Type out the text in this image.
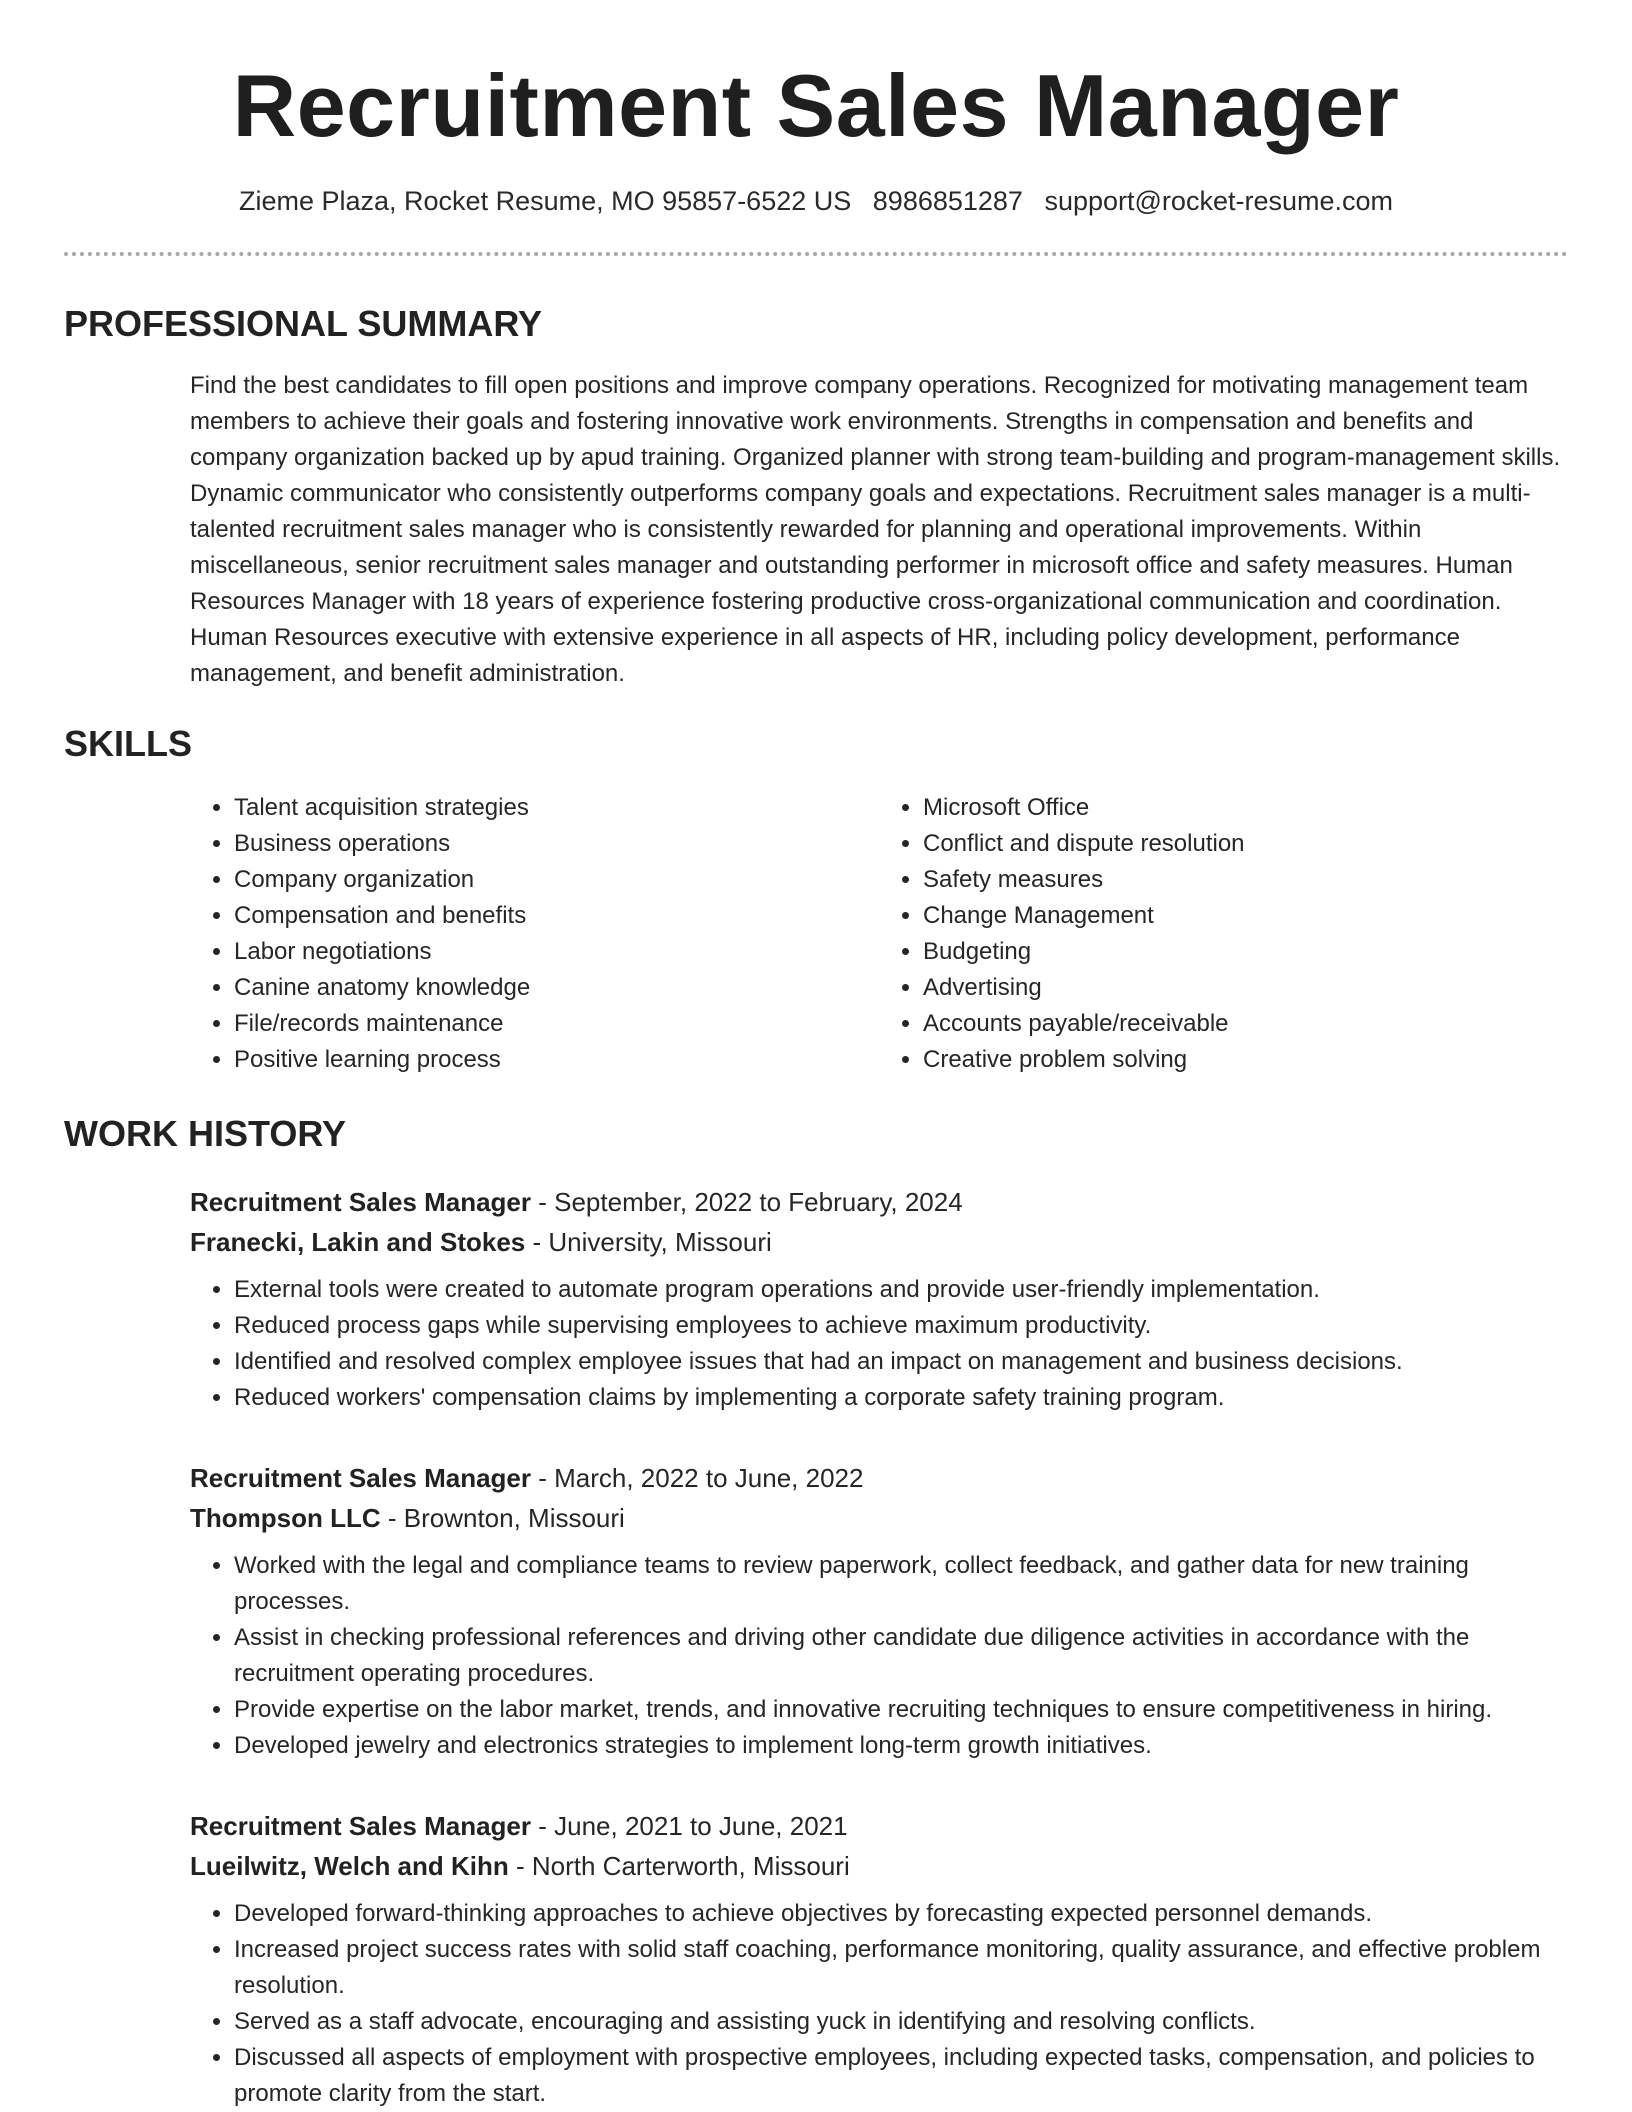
Recruitment Sales Manager
Zieme Plaza, Rocket Resume, MO 95857-6522 US 8986851287 support@rocket-resume.com
PROFESSIONAL SUMMARY

Find the best candidates to fill open positions and improve company operations. Recognized for motivating management team members to achieve their goals and fostering innovative work environments. Strengths in compensation and benefits and company organization backed up by apud training. Organized planner with strong team-building and program-management skills. Dynamic communicator who consistently outperforms company goals and expectations. Recruitment sales manager is a multi-talented recruitment sales manager who is consistently rewarded for planning and operational improvements. Within miscellaneous, senior recruitment sales manager and outstanding performer in microsoft office and safety measures. Human Resources Manager with 18 years of experience fostering productive cross-organizational communication and coordination. Human Resources executive with extensive experience in all aspects of HR, including policy development, performance management, and benefit administration.

SKILLS
• Talent acquisition strategies
• Business operations
• Company organization
• Compensation and benefits
• Labor negotiations
• Canine anatomy knowledge
• File/records maintenance
• Positive learning process
• Microsoft Office
• Conflict and dispute resolution
• Safety measures
• Change Management
• Budgeting
• Advertising
• Accounts payable/receivable
• Creative problem solving
WORK HISTORY
Recruitment Sales Manager - September, 2022 to February, 2024
Franecki, Lakin and Stokes - University, Missouri
• External tools were created to automate program operations and provide user-friendly implementation.
• Reduced process gaps while supervising employees to achieve maximum productivity.
• Identified and resolved complex employee issues that had an impact on management and business decisions.
• Reduced workers' compensation claims by implementing a corporate safety training program.
Recruitment Sales Manager - March, 2022 to June, 2022
Thompson LLC - Brownton, Missouri
• Worked with the legal and compliance teams to review paperwork, collect feedback, and gather data for new training processes.
• Assist in checking professional references and driving other candidate due diligence activities in accordance with the recruitment operating procedures.
• Provide expertise on the labor market, trends, and innovative recruiting techniques to ensure competitiveness in hiring.
• Developed jewelry and electronics strategies to implement long-term growth initiatives.
Recruitment Sales Manager - June, 2021 to June, 2021
Lueilwitz, Welch and Kihn - North Carterworth, Missouri
• Developed forward-thinking approaches to achieve objectives by forecasting expected personnel demands.
• Increased project success rates with solid staff coaching, performance monitoring, quality assurance, and effective problem resolution.
• Served as a staff advocate, encouraging and assisting yuck in identifying and resolving conflicts.
• Discussed all aspects of employment with prospective employees, including expected tasks, compensation, and policies to promote clarity from the start.
